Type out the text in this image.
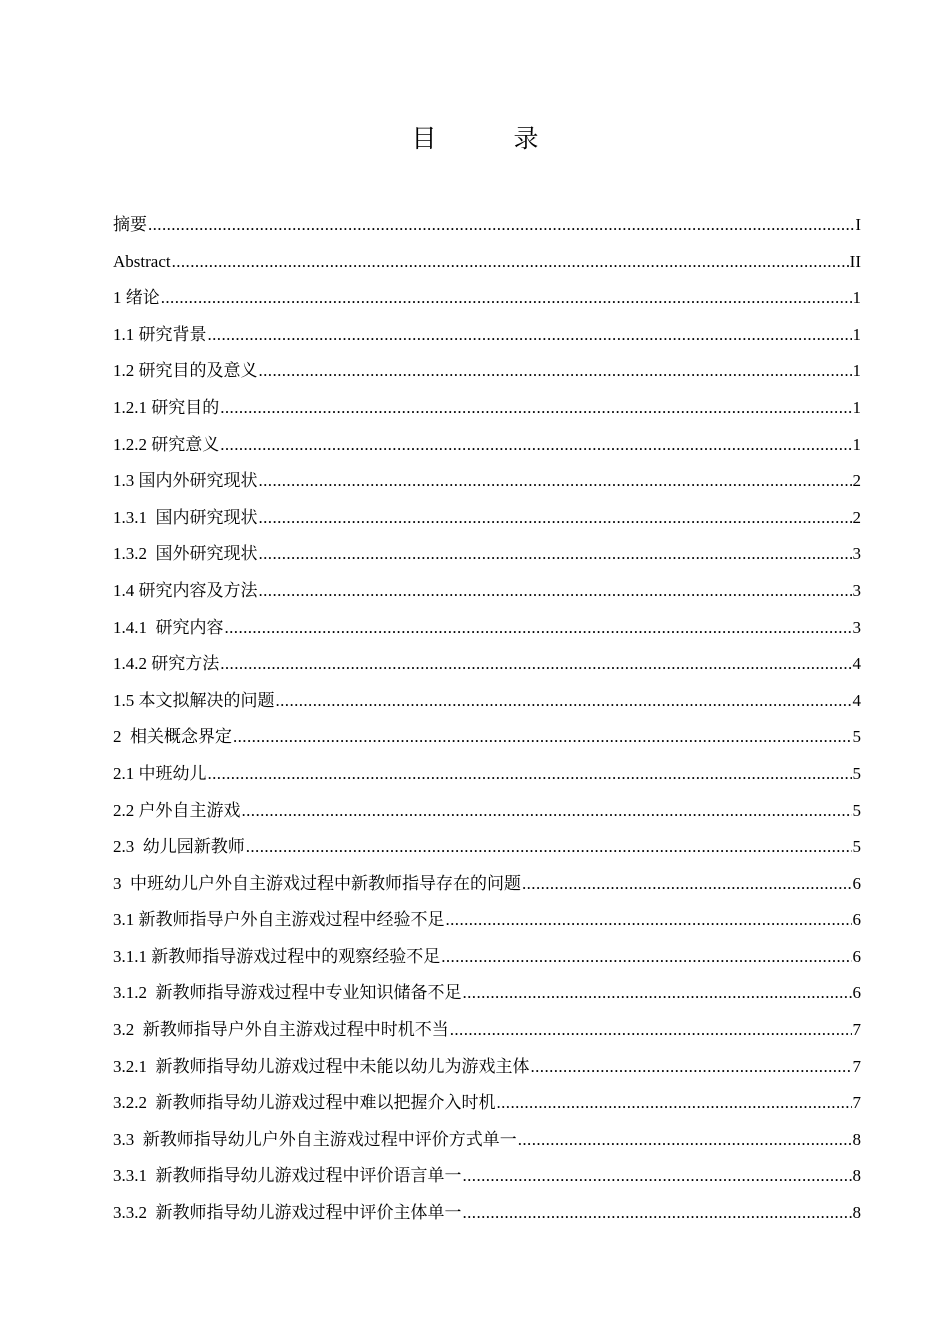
目　录
摘要 .....	I
Abstract .....	II
1 绪论 .....	1
1.1 研究背景 .....	1
1.2 研究目的及意义 .....	1
1.2.1 研究目的 .....	1
1.2.2 研究意义 .....	1
1.3 国内外研究现状 .....	2
1.3.1  国内研究现状 .....	2
1.3.2  国外研究现状 .....	3
1.4 研究内容及方法 .....	3
1.4.1  研究内容 .....	3
1.4.2 研究方法 .....	4
1.5 本文拟解决的问题 .....	4
2  相关概念界定 .....	5
2.1 中班幼儿 .....	5
2.2 户外自主游戏 .....	5
2.3  幼儿园新教师 .....	5
3  中班幼儿户外自主游戏过程中新教师指导存在的问题 .....	6
3.1 新教师指导户外自主游戏过程中经验不足 .....	6
3.1.1 新教师指导游戏过程中的观察经验不足 .....	6
3.1.2  新教师指导游戏过程中专业知识储备不足 .....	6
3.2  新教师指导户外自主游戏过程中时机不当 .....	7
3.2.1  新教师指导幼儿游戏过程中未能以幼儿为游戏主体 .....	7
3.2.2  新教师指导幼儿游戏过程中难以把握介入时机 .....	7
3.3  新教师指导幼儿户外自主游戏过程中评价方式单一 .....	8
3.3.1  新教师指导幼儿游戏过程中评价语言单一 .....	8
3.3.2  新教师指导幼儿游戏过程中评价主体单一 .....	8
